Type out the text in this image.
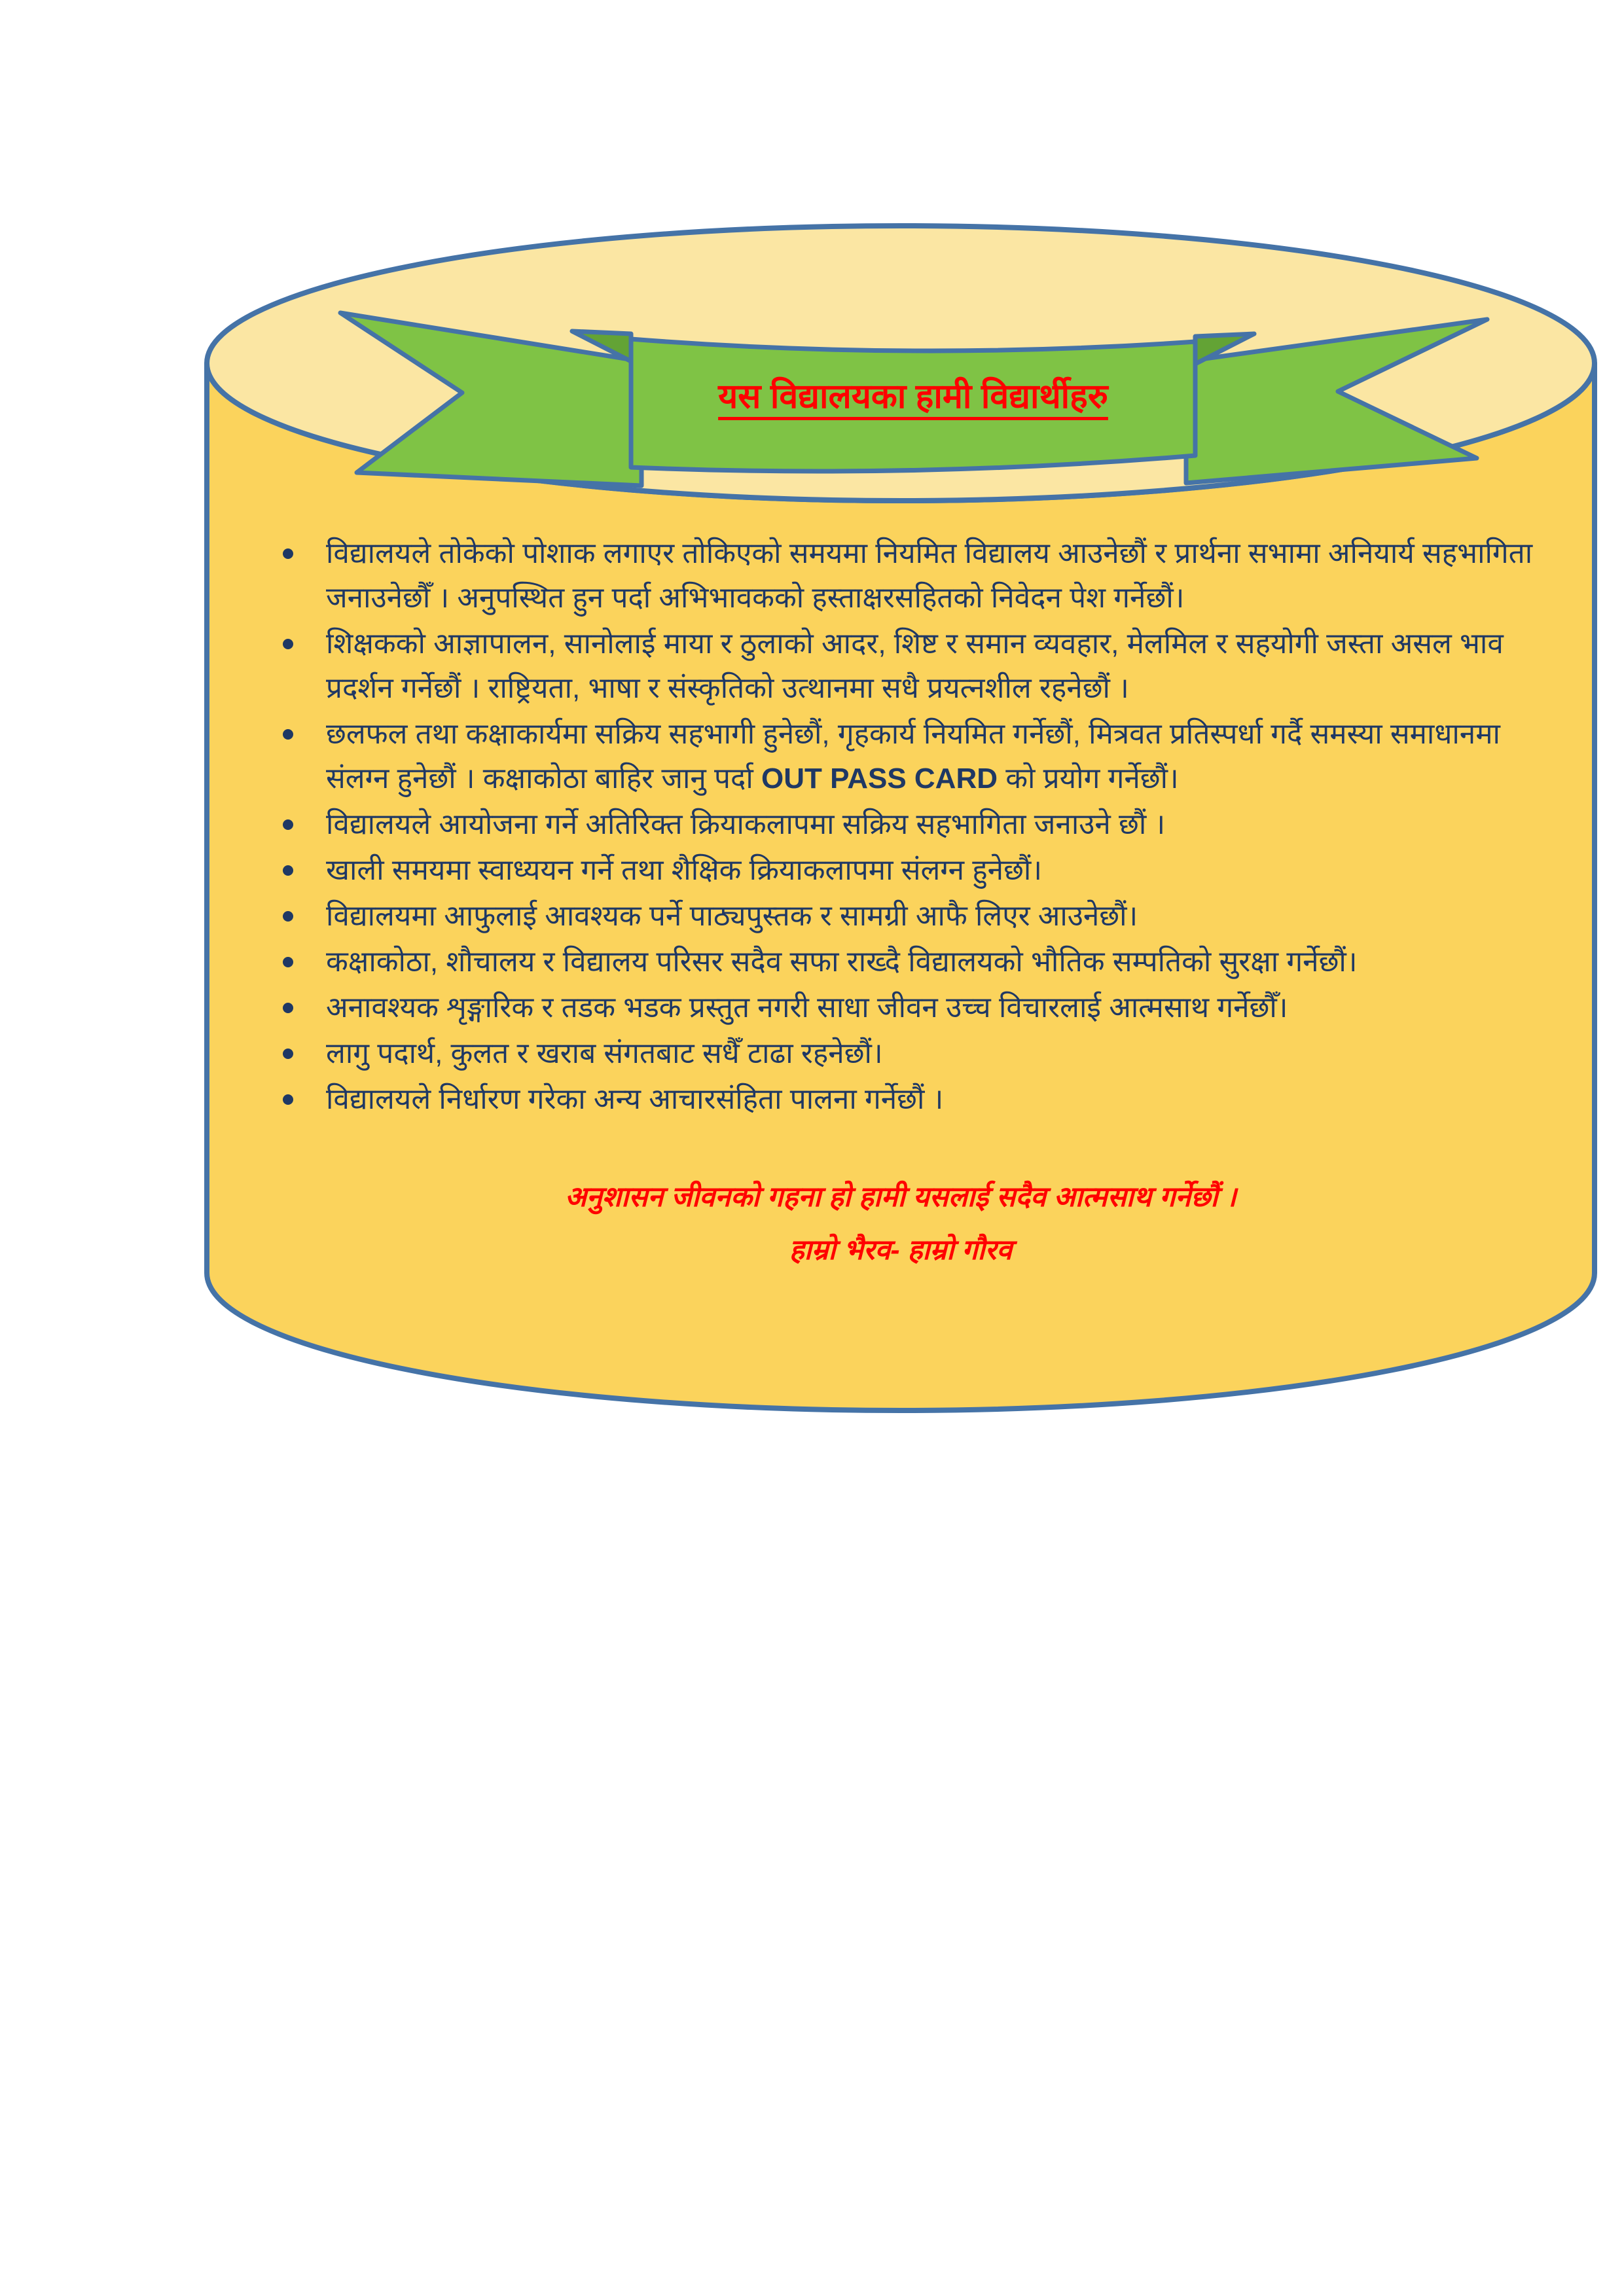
यस विद्यालयका हामी विद्यार्थीहरु
विद्यालयले तोकेको पोशाक लगाएर तोकिएको समयमा नियमित विद्यालय आउनेछौं र प्रार्थना सभामा अनियार्य सहभागिता जनाउनेछौँ । अनुपस्थित हुन पर्दा अभिभावकको हस्ताक्षरसहितको निवेदन पेश गर्नेछौं।
शिक्षकको आज्ञापालन, सानोलाई माया र ठुलाको आदर, शिष्ट र समान व्यवहार, मेलमिल र सहयोगी जस्ता असल भाव प्रदर्शन गर्नेछौं । राष्ट्रियता, भाषा र संस्कृतिको उत्थानमा सधै प्रयत्नशील रहनेछौं ।
छलफल तथा कक्षाकार्यमा सक्रिय सहभागी हुनेछौं, गृहकार्य नियमित गर्नेछौं, मित्रवत प्रतिस्पर्धा गर्दै समस्या समाधानमा संलग्न हुनेछौं । कक्षाकोठा बाहिर जानु पर्दा OUT PASS CARD को प्रयोग गर्नेछौं।
विद्यालयले आयोजना गर्ने अतिरिक्त क्रियाकलापमा सक्रिय सहभागिता जनाउने छौं ।
खाली समयमा स्वाध्ययन गर्ने तथा शैक्षिक क्रियाकलापमा संलग्न हुनेछौं।
विद्यालयमा आफुलाई आवश्यक पर्ने पाठ्यपुस्तक र सामग्री आफै लिएर आउनेछौं।
कक्षाकोठा, शौचालय र विद्यालय परिसर सदैव सफा राख्दै विद्यालयको भौतिक सम्पतिको सुरक्षा गर्नेछौं।
अनावश्यक शृङ्गारिक र तडक भडक प्रस्तुत नगरी साधा जीवन उच्च विचारलाई आत्मसाथ गर्नेछौँ।
लागु पदार्थ, कुलत र खराब संगतबाट सधैँ टाढा रहनेछौं।
विद्यालयले निर्धारण गरेका अन्य आचारसंहिता पालना गर्नेछौं ।
अनुशासन जीवनको गहना हो हामी यसलाई सदैव आत्मसाथ गर्नेछौं ।
हाम्रो भैरव- हाम्रो गौरव
